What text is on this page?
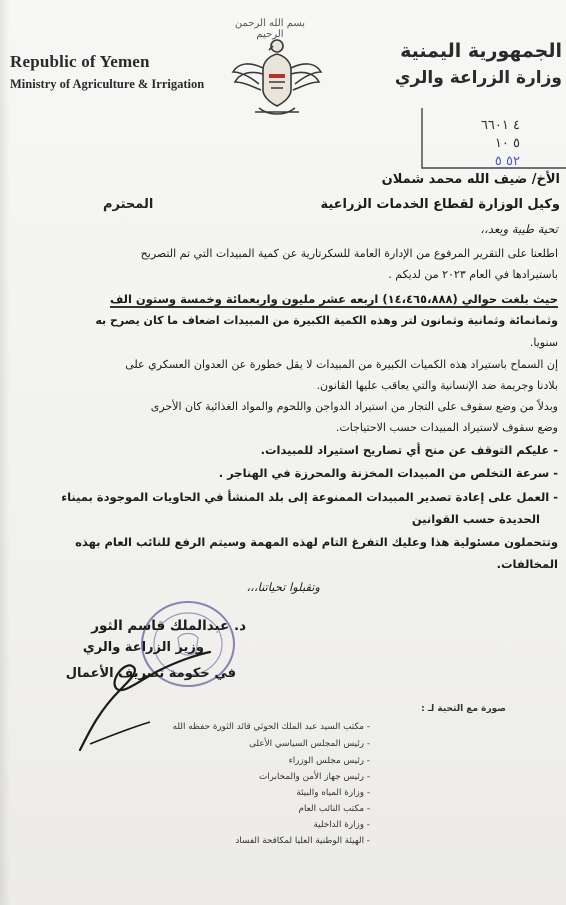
Republic of Yemen
Ministry of Agriculture & Irrigation
بسم الله الرحمن الرحيم
الجمهورية اليمنية
وزارة الزراعة والري
٤ ٦٦٠١
٥ ١٠
٥٢ ٥
الأخ/ ضيف الله محمد شملان
وكيل الوزارة لقطاع الخدمات الزراعية
المحترم
تحية طيبة وبعد،،
اطلعنا على التقرير المرفوع من الإدارة العامة للسكرتارية عن كمية المبيدات التي تم التصريح
باستيرادها في العام ٢٠٢٣ من لديكم .
حيث بلغت حوالي (١٤،٤٦٥،٨٨٨) اربعه عشر مليون واربعمائة وخمسة وستون الف
وثمانمائة وثمانية وثمانون لتر وهذه الكمية الكبيرة من المبيدات اضعاف ما كان يصرح به
سنويا.
إن السماح باستيراد هذه الكميات الكبيرة من المبيدات لا يقل خطورة عن العدوان العسكري على
بلادنا وجريمة ضد الإنسانية والتي يعاقب عليها القانون.
وبدلاً من وضع سقوف على التجار من استيراد الدواجن واللحوم والمواد الغذائية كان الأحرى
وضع سقوف لاستيراد المبيدات حسب الاحتياجات.
- عليكم التوقف عن منح أي تصاريح استيراد للمبيدات.
- سرعة التخلص من المبيدات المخزنة والمحرزة في الهناجر .
- العمل على إعادة تصدير المبيدات الممنوعة إلى بلد المنشأ في الحاويات الموجودة بميناء
الحديدة حسب القوانين
وتتحملون مسئولية هذا وعليك التفرغ التام لهذه المهمة وسيتم الرفع للنائب العام بهذه
المخالفات.
وتقبلوا تحياتنا،،،
د. عبدالملك قاسم الثور
وزير الزراعة والري
في حكومة تصريف الأعمال
صورة مع التحية لـ :
- مكتب السيد عبد الملك الحوثي قائد الثورة حفظه الله
- رئيس المجلس السياسي الأعلى
- رئيس مجلس الوزراء
- رئيس جهاز الأمن والمخابرات
- وزارة المياه والبيئة
- مكتب النائب العام
- وزارة الداخلية
- الهيئة الوطنية العليا لمكافحة الفساد
